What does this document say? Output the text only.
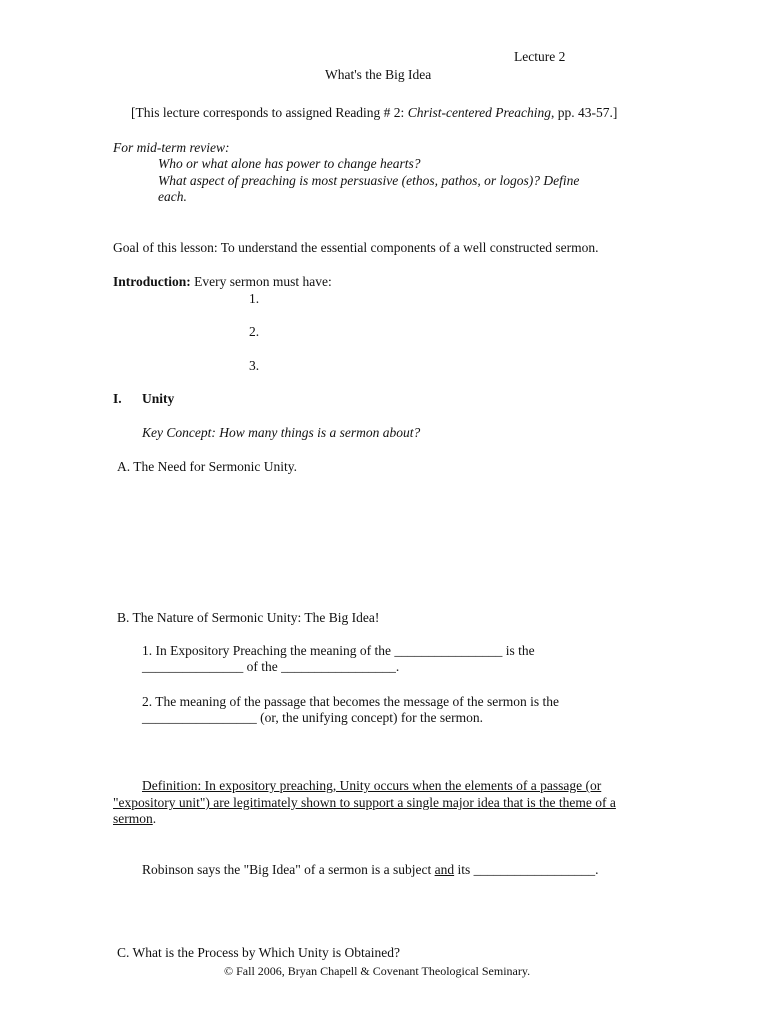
Lecture 2
What's the Big Idea
[This lecture corresponds to assigned Reading # 2: Christ-centered Preaching, pp. 43-57.]
For mid-term review:
Who or what alone has power to change hearts?
What aspect of preaching is most persuasive (ethos, pathos, or logos)? Define
each.
Goal of this lesson: To understand the essential components of a well constructed sermon.
Introduction: Every sermon must have:
1.
2.
3.
I. Unity
Key Concept: How many things is a sermon about?
A. The Need for Sermonic Unity.
B. The Nature of Sermonic Unity: The Big Idea!
1. In Expository Preaching the meaning of the ________________ is the
_______________ of the _________________.
2. The meaning of the passage that becomes the message of the sermon is the
_________________ (or, the unifying concept) for the sermon.
Definition: In expository preaching, Unity occurs when the elements of a passage (or
"expository unit") are legitimately shown to support a single major idea that is the theme of a
sermon.
Robinson says the "Big Idea" of a sermon is a subject and its __________________.
C. What is the Process by Which Unity is Obtained?
© Fall 2006, Bryan Chapell & Covenant Theological Seminary.
